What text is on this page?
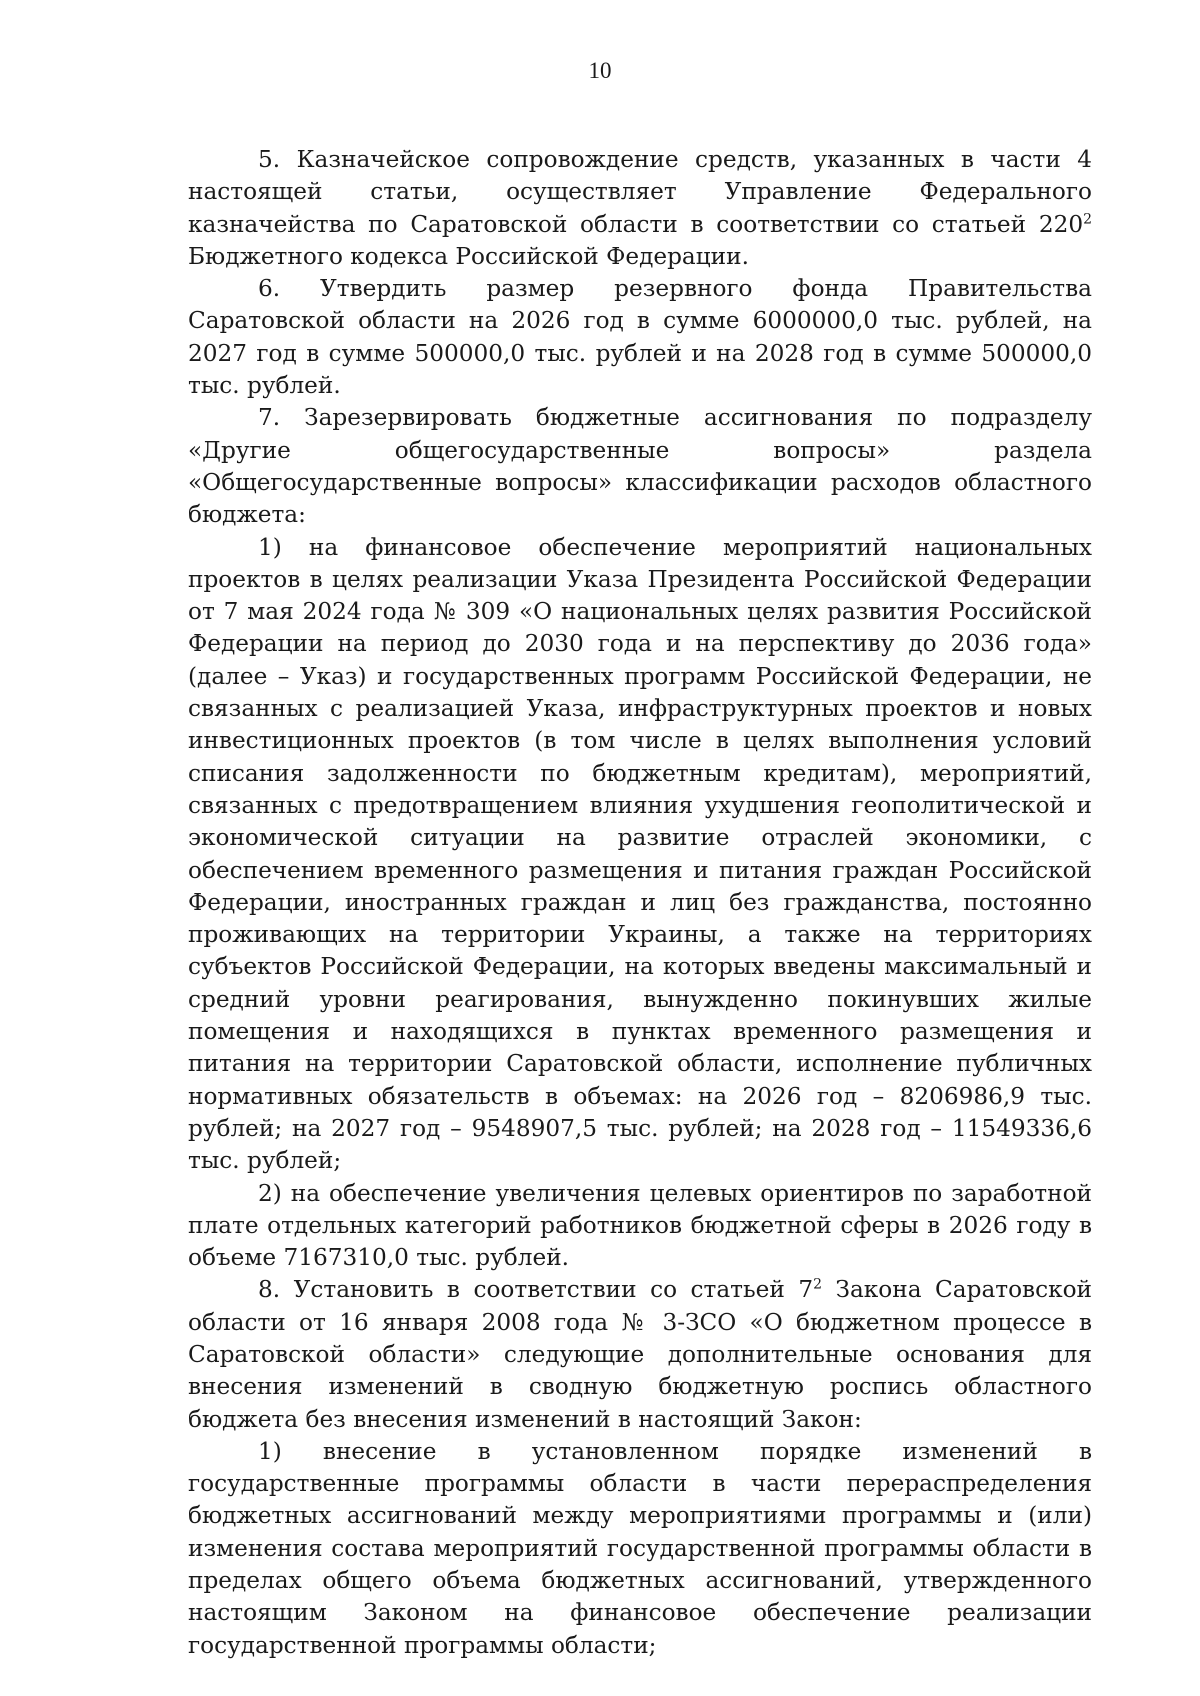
10

5. Казначейское сопровождение средств, указанных в части 4 настоящей статьи, осуществляет Управление Федерального казначейства по Саратовской области в соответствии со статьей $220^2$ Бюджетного кодекса Российской Федерации.

6. Утвердить размер резервного фонда Правительства Саратовской области на 2026 год в сумме 6000000,0 тыс. рублей, на 2027 год в сумме 500000,0 тыс. рублей и на 2028 год в сумме 500000,0 тыс. рублей.

7. Зарезервировать бюджетные ассигнования по подразделу «Другие общегосударственные вопросы» раздела «Общегосударственные вопросы» классификации расходов областного бюджета:

1) на финансовое обеспечение мероприятий национальных проектов в целях реализации Указа Президента Российской Федерации от 7 мая 2024 года № 309 «О национальных целях развития Российской Федерации на период до 2030 года и на перспективу до 2036 года» (далее – Указ) и государственных программ Российской Федерации, не связанных с реализацией Указа, инфраструктурных проектов и новых инвестиционных проектов (в том числе в целях выполнения условий списания задолженности по бюджетным кредитам), мероприятий, связанных с предотвращением влияния ухудшения геополитической и экономической ситуации на развитие отраслей экономики, с обеспечением временного размещения и питания граждан Российской Федерации, иностранных граждан и лиц без гражданства, постоянно проживающих на территории Украины, а также на территориях субъектов Российской Федерации, на которых введены максимальный и средний уровни реагирования, вынужденно покинувших жилые помещения и находящихся в пунктах временного размещения и питания на территории Саратовской области, исполнение публичных нормативных обязательств в объемах: на 2026 год – 8206986,9 тыс. рублей; на 2027 год – 9548907,5 тыс. рублей; на 2028 год – 11549336,6 тыс. рублей;

2) на обеспечение увеличения целевых ориентиров по заработной плате отдельных категорий работников бюджетной сферы в 2026 году в объеме 7167310,0 тыс. рублей.

8. Установить в соответствии со статьей $7^2$ Закона Саратовской области от 16 января 2008 года № 3-ЗСО «О бюджетном процессе в Саратовской области» следующие дополнительные основания для внесения изменений в сводную бюджетную роспись областного бюджета без внесения изменений в настоящий Закон:

1) внесение в установленном порядке изменений в государственные программы области в части перераспределения бюджетных ассигнований между мероприятиями программы и (или) изменения состава мероприятий государственной программы области в пределах общего объема бюджетных ассигнований, утвержденного настоящим Законом на финансовое обеспечение реализации государственной программы области;
